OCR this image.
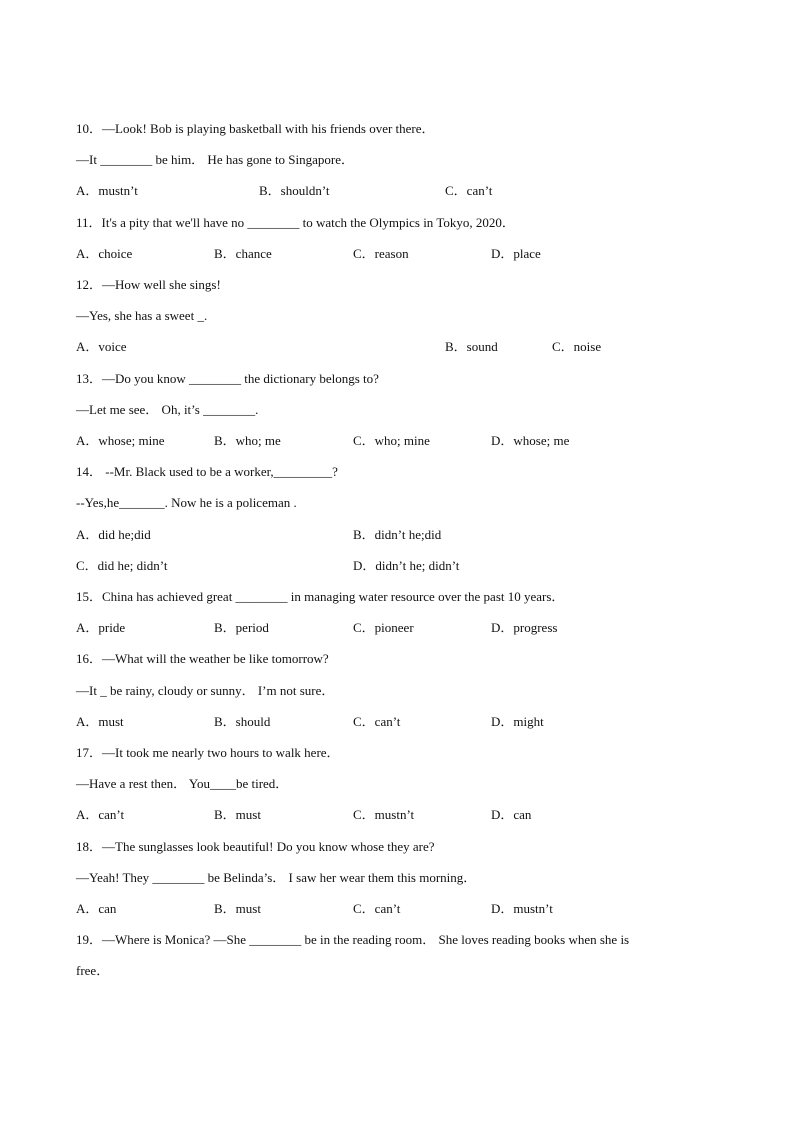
10．—Look! Bob is playing basketball with his friends over there．
—It ________ be him． He has gone to Singapore．
A．mustn’t	B．shouldn’t	C．can’t
11．It's a pity that we'll have no ________ to watch the Olympics in Tokyo, 2020．
A．choice	B．chance	C．reason	D．place
12．—How well she sings!
—Yes, she has a sweet _.
A．voice	B．sound	C．noise
13．—Do you know ________ the dictionary belongs to?
—Let me see． Oh, it’s ________.
A．whose; mine	B．who; me	C．who; mine	D．whose; me
14． --Mr. Black used to be a worker,_________?
--Yes,he_______. Now he is a policeman .
A．did he;did	B．didn’t he;did
C．did he; didn’t	D．didn’t he; didn’t
15．China has achieved great ________ in managing water resource over the past 10 years．
A．pride	B．period	C．pioneer	D．progress
16．—What will the weather be like tomorrow?
—It _ be rainy, cloudy or sunny． I’m not sure．
A．must	B．should	C．can’t	D．might
17．—It took me nearly two hours to walk here．
—Have a rest then． You____be tired．
A．can’t	B．must	C．mustn’t	D．can
18．—The sunglasses look beautiful! Do you know whose they are?
—Yeah! They ________ be Belinda’s． I saw her wear them this morning．
A．can	B．must	C．can’t	D．mustn’t
19．—Where is Monica? —She ________ be in the reading room． She loves reading books when she is
free．
